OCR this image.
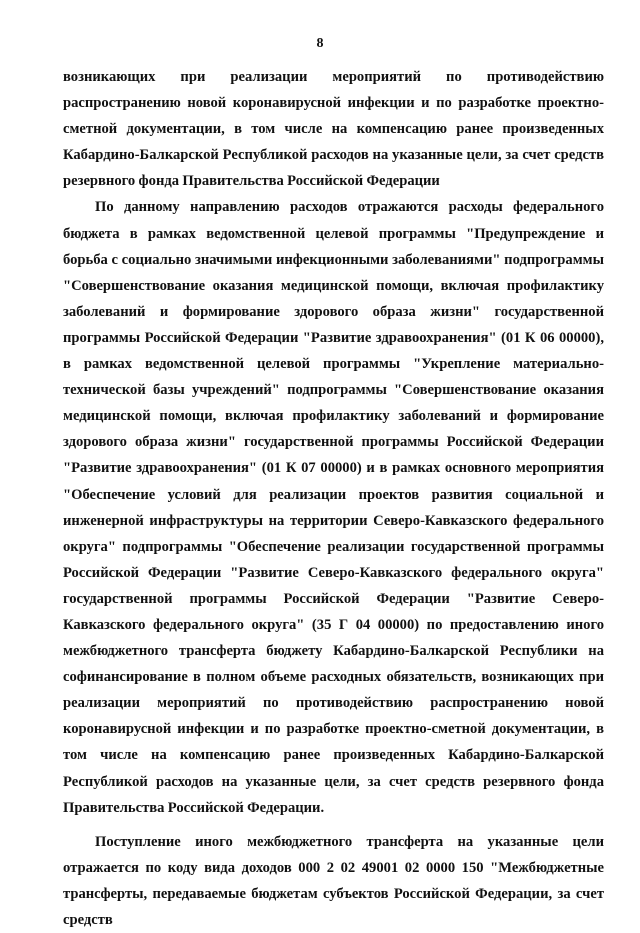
8

возникающих при реализации мероприятий по противодействию распространению новой коронавирусной инфекции и по разработке проектно-сметной документации, в том числе на компенсацию ранее произведенных Кабардино-Балкарской Республикой расходов на указанные цели, за счет средств резервного фонда Правительства Российской Федерации

По данному направлению расходов отражаются расходы федерального бюджета в рамках ведомственной целевой программы "Предупреждение и борьба с социально значимыми инфекционными заболеваниями" подпрограммы "Совершенствование оказания медицинской помощи, включая профилактику заболеваний и формирование здорового образа жизни" государственной программы Российской Федерации "Развитие здравоохранения" (01 К 06 00000), в рамках ведомственной целевой программы "Укрепление материально-технической базы учреждений" подпрограммы "Совершенствование оказания медицинской помощи, включая профилактику заболеваний и формирование здорового образа жизни" государственной программы Российской Федерации "Развитие здравоохранения" (01 К 07 00000) и в рамках основного мероприятия "Обеспечение условий для реализации проектов развития социальной и инженерной инфраструктуры на территории Северо-Кавказского федерального округа" подпрограммы "Обеспечение реализации государственной программы Российской Федерации "Развитие Северо-Кавказского федерального округа" государственной программы Российской Федерации "Развитие Северо-Кавказского федерального округа" (35 Г 04 00000) по предоставлению иного межбюджетного трансферта бюджету Кабардино-Балкарской Республики на софинансирование в полном объеме расходных обязательств, возникающих при реализации мероприятий по противодействию распространению новой коронавирусной инфекции и по разработке проектно-сметной документации, в том числе на компенсацию ранее произведенных Кабардино-Балкарской Республикой расходов на указанные цели, за счет средств резервного фонда Правительства Российской Федерации.

Поступление иного межбюджетного трансферта на указанные цели отражается по коду вида доходов 000 2 02 49001 02 0000 150 "Межбюджетные трансферты, передаваемые бюджетам субъектов Российской Федерации, за счет средств
